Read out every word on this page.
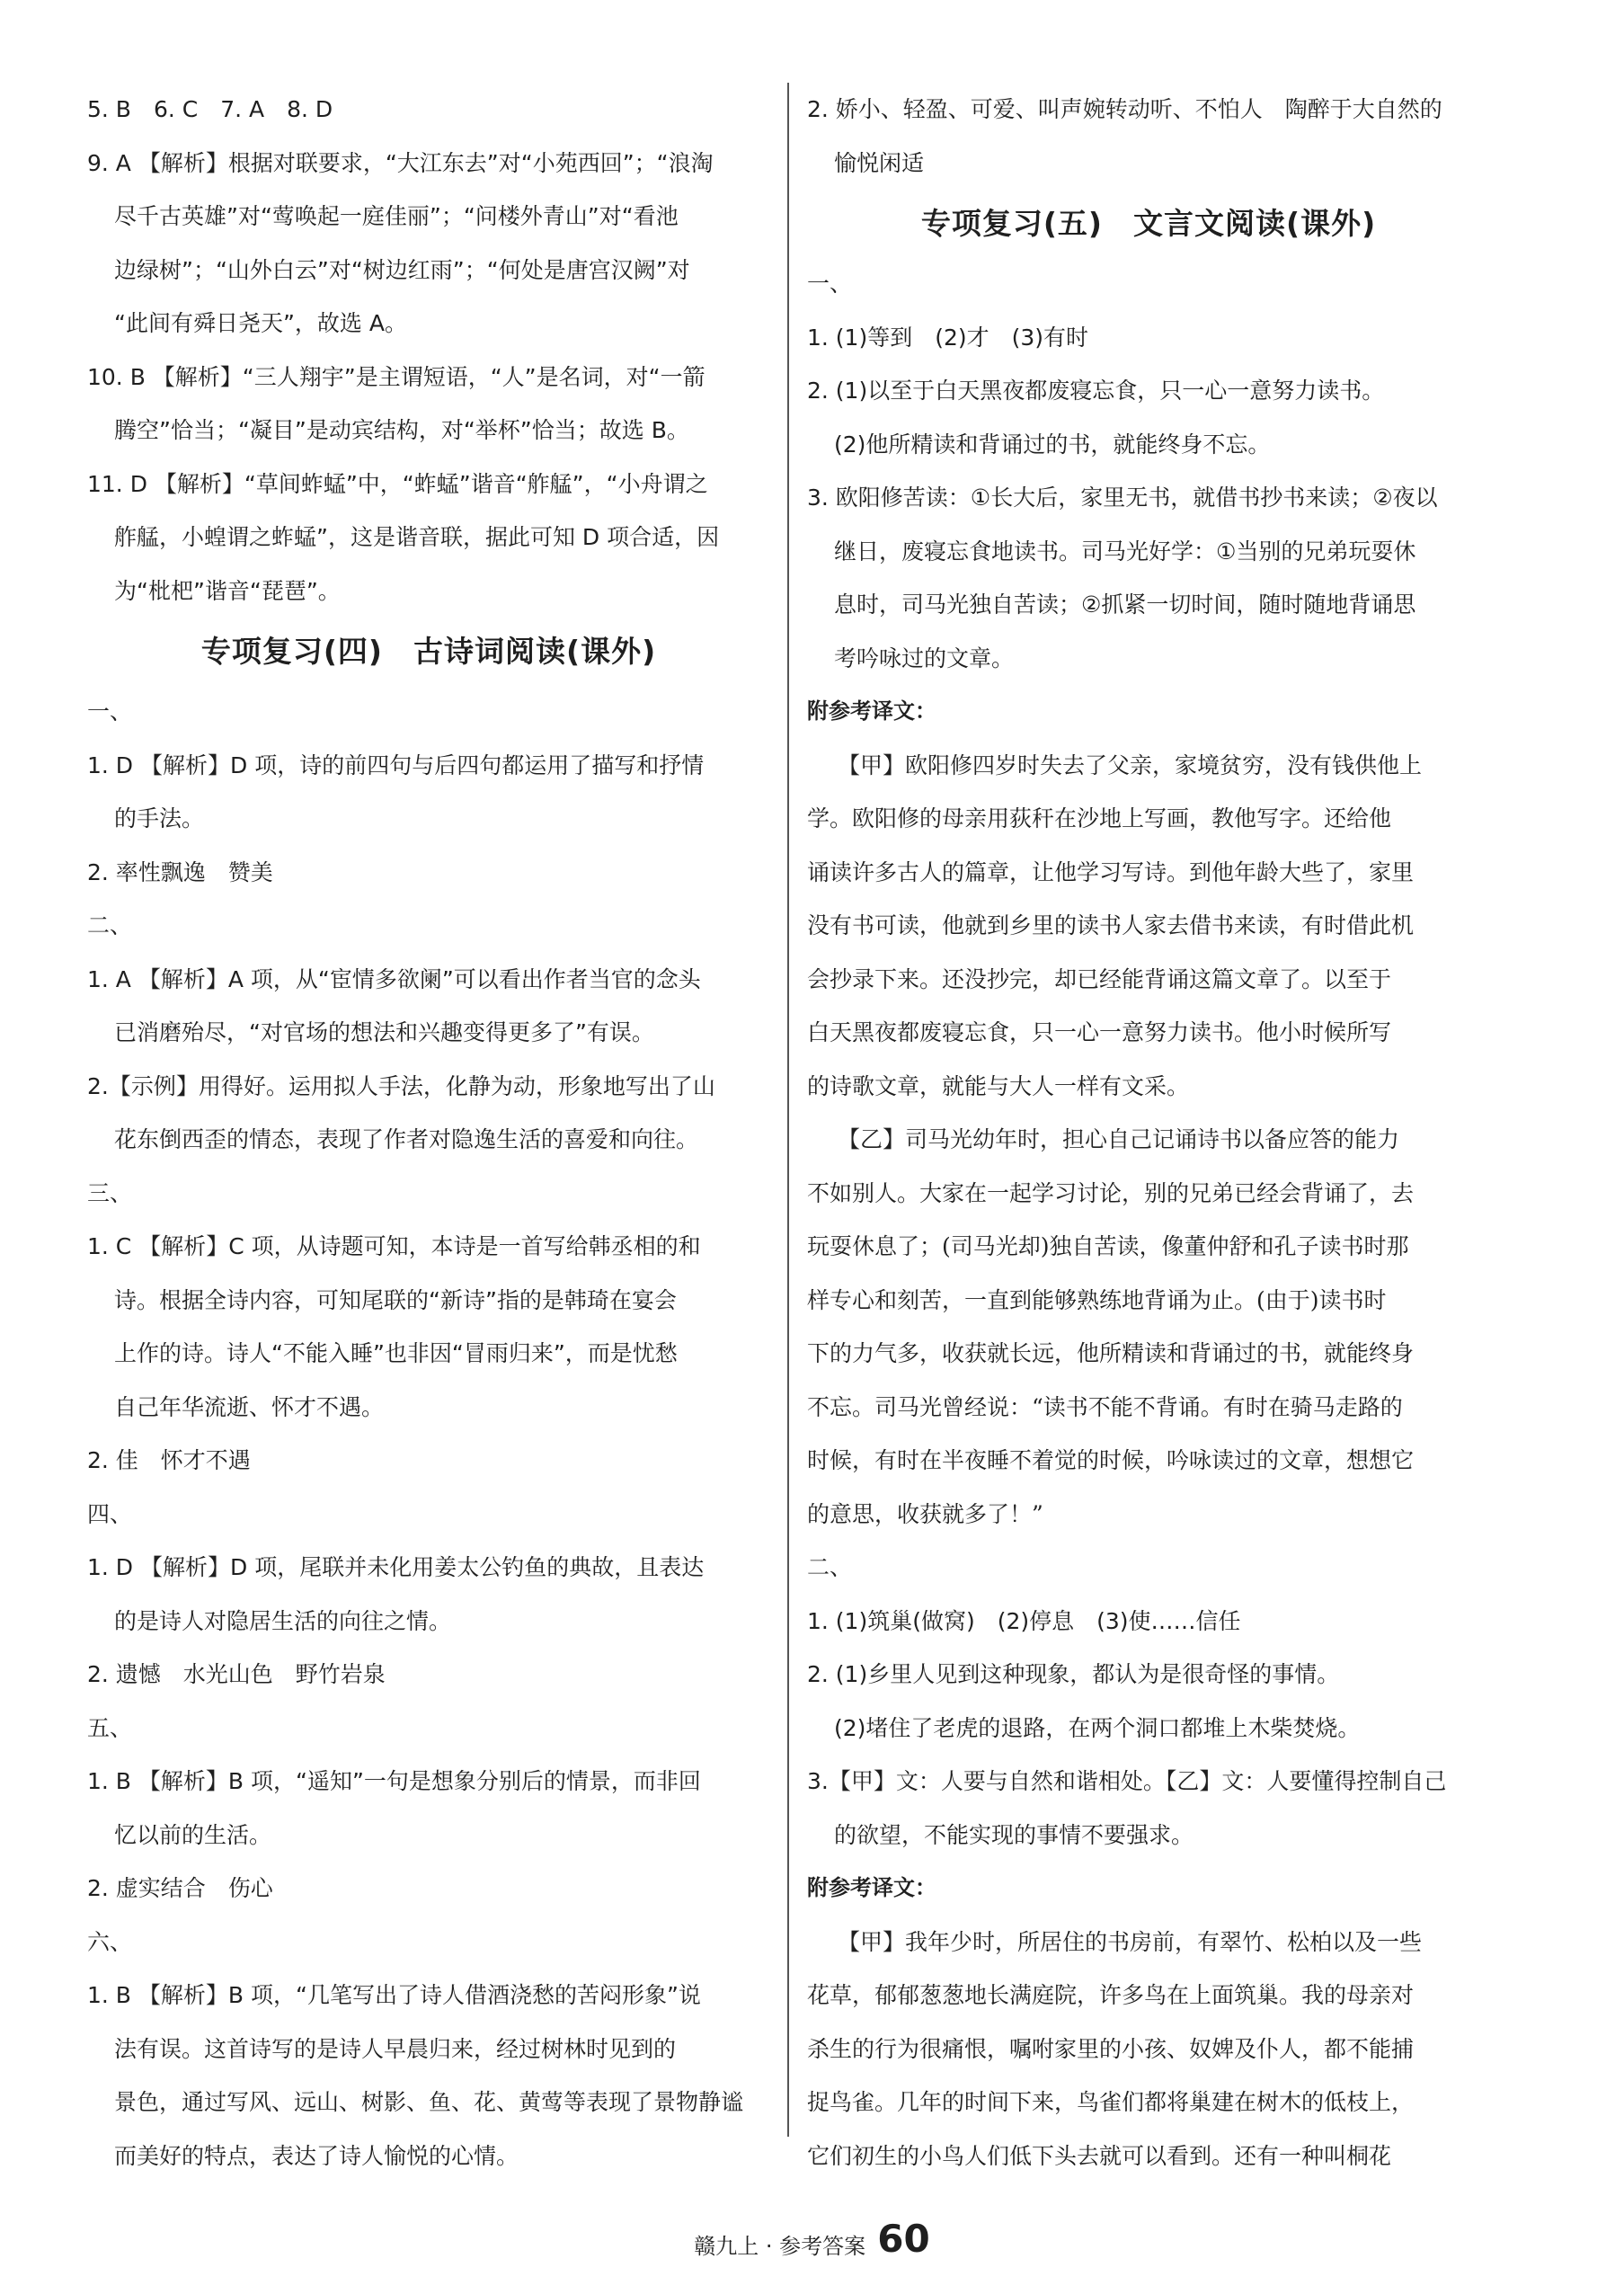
5. B　6. C　7. A　8. D
9. A 【解析】根据对联要求，“大江东去”对“小苑西回”；“浪淘
尽千古英雄”对“莺唤起一庭佳丽”；“问楼外青山”对“看池
边绿树”；“山外白云”对“树边红雨”；“何处是唐宫汉阙”对
“此间有舜日尧天”，故选 A。
10. B 【解析】“三人翔宇”是主谓短语，“人”是名词，对“一箭
腾空”恰当；“凝目”是动宾结构，对“举杯”恰当；故选 B。
11. D 【解析】“草间蚱蜢”中，“蚱蜢”谐音“舴艋”，“小舟谓之
舴艋，小蝗谓之蚱蜢”，这是谐音联，据此可知 D 项合适，因
为“枇杷”谐音“琵琶”。
专项复习(四)　古诗词阅读(课外)
一、
1. D 【解析】D 项，诗的前四句与后四句都运用了描写和抒情
的手法。
2. 率性飘逸　赞美
二、
1. A 【解析】A 项，从“宦情多欲阑”可以看出作者当官的念头
已消磨殆尽，“对官场的想法和兴趣变得更多了”有误。
2.【示例】用得好。运用拟人手法，化静为动，形象地写出了山
花东倒西歪的情态，表现了作者对隐逸生活的喜爱和向往。
三、
1. C 【解析】C 项，从诗题可知，本诗是一首写给韩丞相的和
诗。根据全诗内容，可知尾联的“新诗”指的是韩琦在宴会
上作的诗。诗人“不能入睡”也非因“冒雨归来”，而是忧愁
自己年华流逝、怀才不遇。
2. 佳　怀才不遇
四、
1. D 【解析】D 项，尾联并未化用姜太公钓鱼的典故，且表达
的是诗人对隐居生活的向往之情。
2. 遗憾　水光山色　野竹岩泉
五、
1. B 【解析】B 项，“遥知”一句是想象分别后的情景，而非回
忆以前的生活。
2. 虚实结合　伤心
六、
1. B 【解析】B 项，“几笔写出了诗人借酒浇愁的苦闷形象”说
法有误。这首诗写的是诗人早晨归来，经过树林时见到的
景色，通过写风、远山、树影、鱼、花、黄莺等表现了景物静谧
而美好的特点，表达了诗人愉悦的心情。
2. 娇小、轻盈、可爱、叫声婉转动听、不怕人　陶醉于大自然的
愉悦闲适
专项复习(五)　文言文阅读(课外)
一、
1. (1)等到　(2)才　(3)有时
2. (1)以至于白天黑夜都废寝忘食，只一心一意努力读书。
(2)他所精读和背诵过的书，就能终身不忘。
3. 欧阳修苦读：①长大后，家里无书，就借书抄书来读；②夜以
继日，废寝忘食地读书。司马光好学：①当别的兄弟玩耍休
息时，司马光独自苦读；②抓紧一切时间，随时随地背诵思
考吟咏过的文章。
附参考译文：
【甲】欧阳修四岁时失去了父亲，家境贫穷，没有钱供他上
学。欧阳修的母亲用荻秆在沙地上写画，教他写字。还给他
诵读许多古人的篇章，让他学习写诗。到他年龄大些了，家里
没有书可读，他就到乡里的读书人家去借书来读，有时借此机
会抄录下来。还没抄完，却已经能背诵这篇文章了。以至于
白天黑夜都废寝忘食，只一心一意努力读书。他小时候所写
的诗歌文章，就能与大人一样有文采。
【乙】司马光幼年时，担心自己记诵诗书以备应答的能力
不如别人。大家在一起学习讨论，别的兄弟已经会背诵了，去
玩耍休息了；(司马光却)独自苦读，像董仲舒和孔子读书时那
样专心和刻苦，一直到能够熟练地背诵为止。(由于)读书时
下的力气多，收获就长远，他所精读和背诵过的书，就能终身
不忘。司马光曾经说：“读书不能不背诵。有时在骑马走路的
时候，有时在半夜睡不着觉的时候，吟咏读过的文章，想想它
的意思，收获就多了！”
二、
1. (1)筑巢(做窝)　(2)停息　(3)使……信任
2. (1)乡里人见到这种现象，都认为是很奇怪的事情。
(2)堵住了老虎的退路，在两个洞口都堆上木柴焚烧。
3.【甲】文：人要与自然和谐相处。【乙】文：人要懂得控制自己
的欲望，不能实现的事情不要强求。
附参考译文：
【甲】我年少时，所居住的书房前，有翠竹、松柏以及一些
花草，郁郁葱葱地长满庭院，许多鸟在上面筑巢。我的母亲对
杀生的行为很痛恨，嘱咐家里的小孩、奴婢及仆人，都不能捕
捉鸟雀。几年的时间下来，鸟雀们都将巢建在树木的低枝上，
它们初生的小鸟人们低下头去就可以看到。还有一种叫桐花
赣九上 · 参考答案 60
